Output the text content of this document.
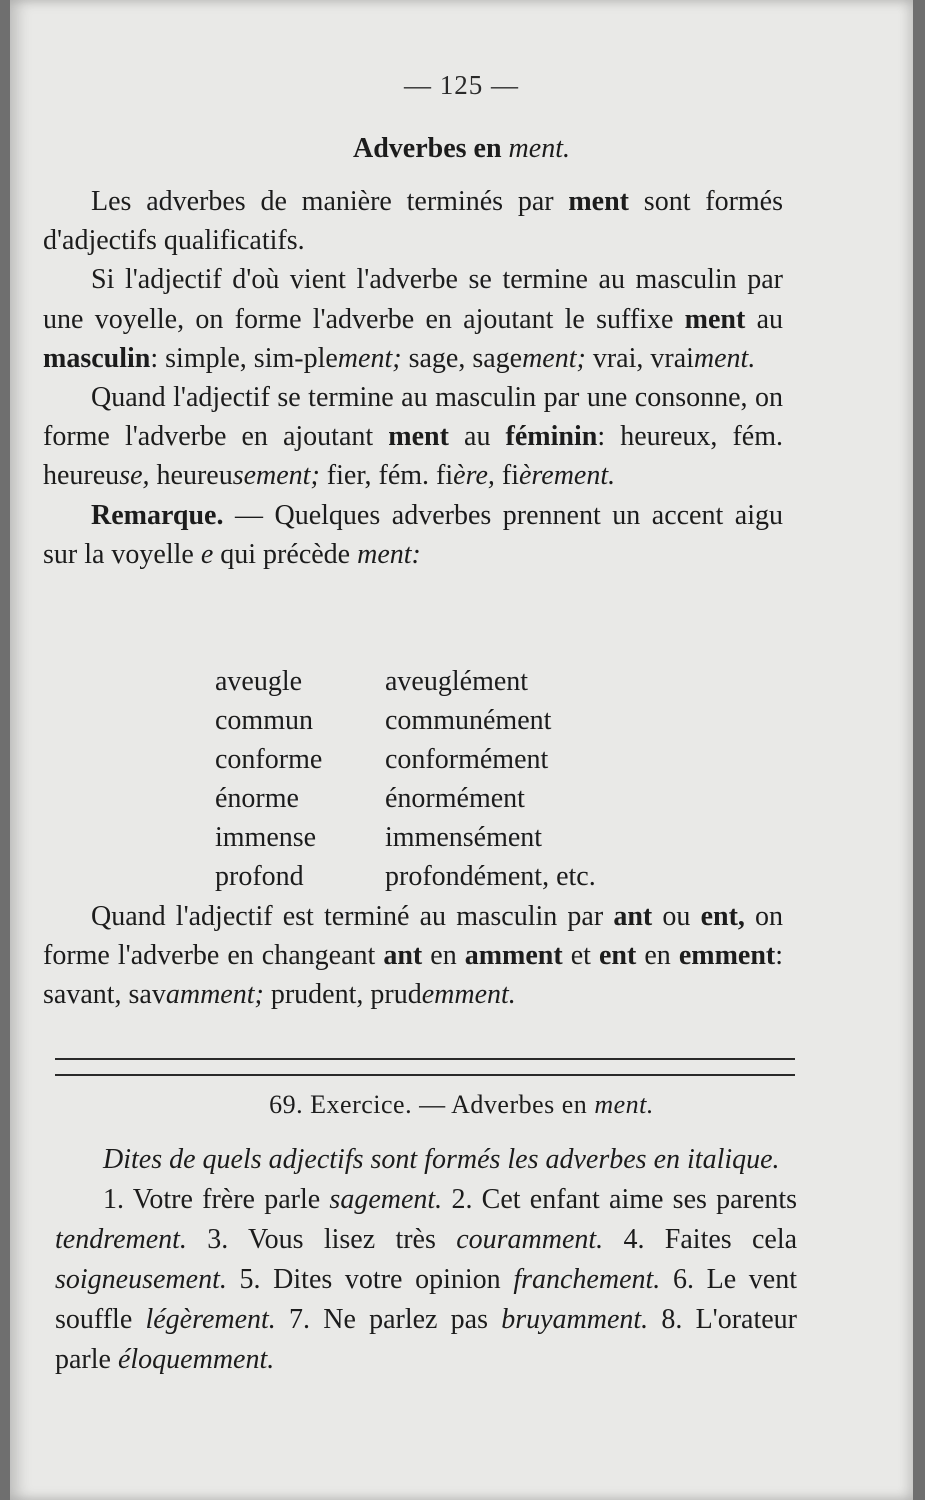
— 125 —
Adverbes en ment.

Les adverbes de manière terminés par ment sont formés d'adjectifs qualificatifs.

Si l'adjectif d'où vient l'adverbe se termine au masculin par une voyelle, on forme l'adverbe en ajoutant le suffixe ment au masculin: simple, sim-plement; sage, sagement; vrai, vraiment.

Quand l'adjectif se termine au masculin par une consonne, on forme l'adverbe en ajoutant ment au féminin: heureux, fém. heureuse, heureusement; fier, fém. fière, fièrement.

Remarque. — Quelques adverbes prennent un accent aigu sur la voyelle e qui précède ment:

aveugle	aveuglément
commun	communément
conforme	conformément
énorme	énormément
immense	immensément
profond	profondément, etc.

Quand l'adjectif est terminé au masculin par ant ou ent, on forme l'adverbe en changeant ant en amment et ent en emment: savant, savamment; prudent, prudemment.

69. Exercice. — Adverbes en ment.

Dites de quels adjectifs sont formés les adverbes en italique.

1. Votre frère parle sagement. 2. Cet enfant aime ses parents tendrement. 3. Vous lisez très couramment. 4. Faites cela soigneusement. 5. Dites votre opinion franchement. 6. Le vent souffle légèrement. 7. Ne parlez pas bruyamment. 8. L'orateur parle éloquemment.
